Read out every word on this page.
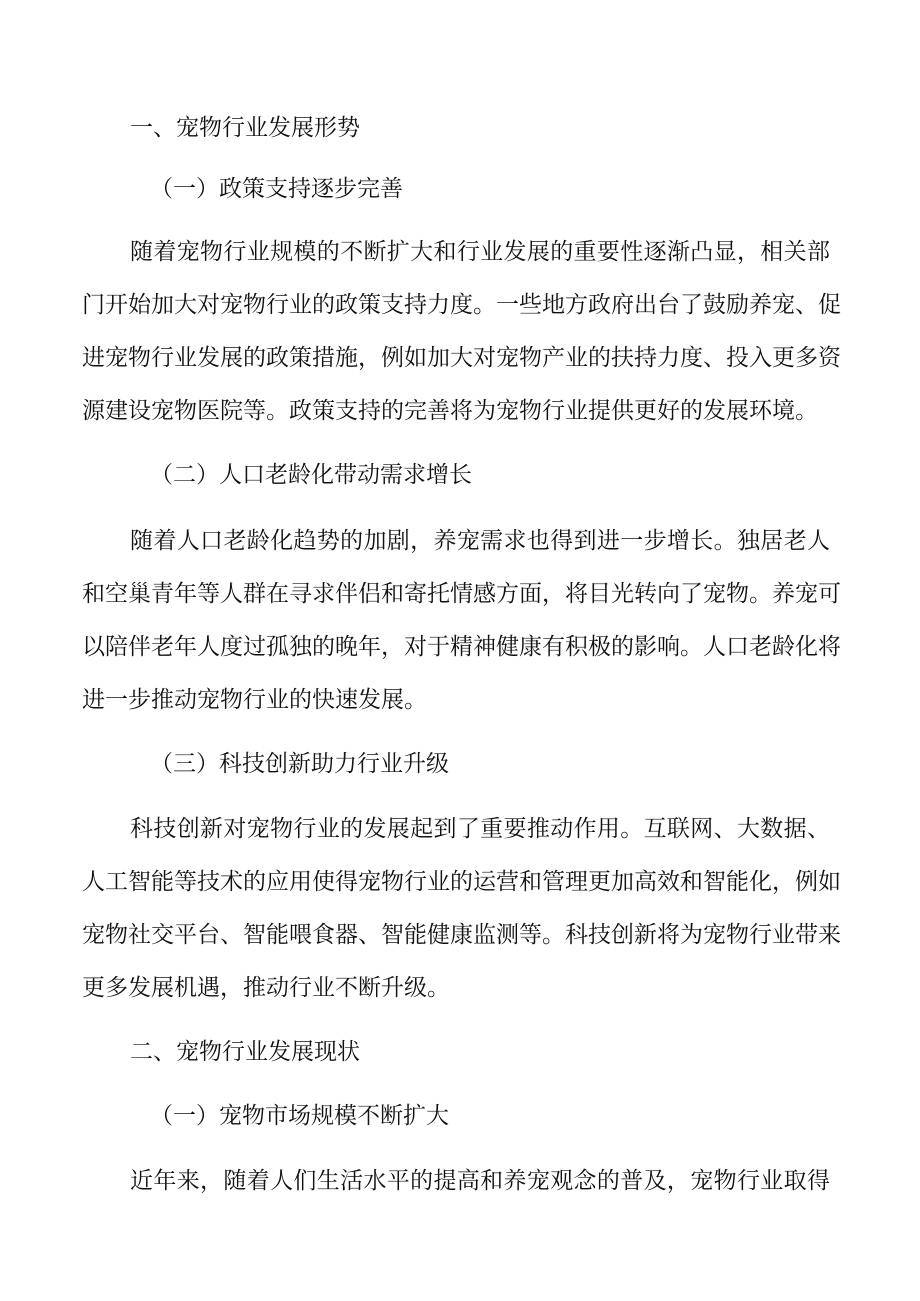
一、宠物行业发展形势

（一）政策支持逐步完善

随着宠物行业规模的不断扩大和行业发展的重要性逐渐凸显，相关部

门开始加大对宠物行业的政策支持力度。一些地方政府出台了鼓励养宠、促

进宠物行业发展的政策措施，例如加大对宠物产业的扶持力度、投入更多资

源建设宠物医院等。政策支持的完善将为宠物行业提供更好的发展环境。

（二）人口老龄化带动需求增长

随着人口老龄化趋势的加剧，养宠需求也得到进一步增长。独居老人

和空巢青年等人群在寻求伴侣和寄托情感方面，将目光转向了宠物。养宠可

以陪伴老年人度过孤独的晚年，对于精神健康有积极的影响。人口老龄化将

进一步推动宠物行业的快速发展。

（三）科技创新助力行业升级

科技创新对宠物行业的发展起到了重要推动作用。互联网、大数据、

人工智能等技术的应用使得宠物行业的运营和管理更加高效和智能化，例如

宠物社交平台、智能喂食器、智能健康监测等。科技创新将为宠物行业带来

更多发展机遇，推动行业不断升级。

二、宠物行业发展现状

（一）宠物市场规模不断扩大

近年来，随着人们生活水平的提高和养宠观念的普及，宠物行业取得
